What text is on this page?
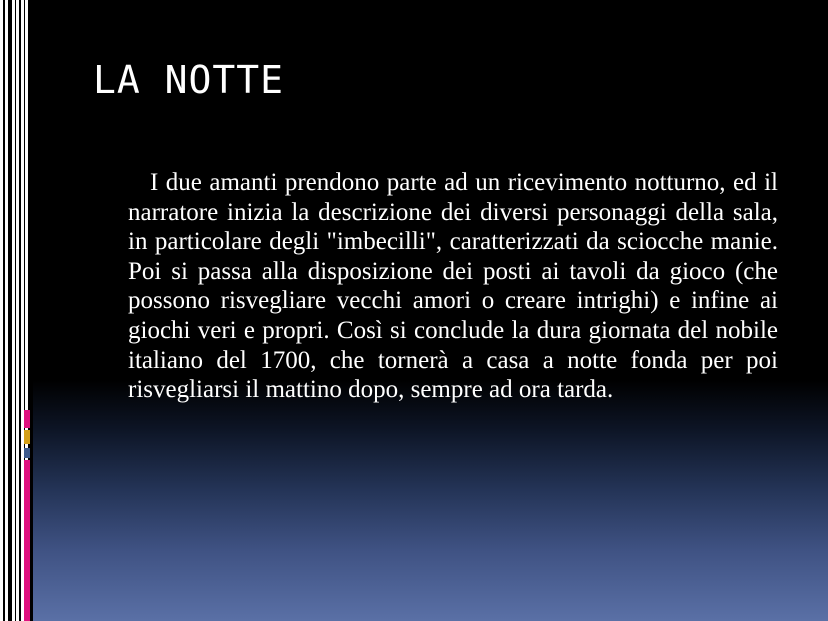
LA NOTTE

I due amanti prendono parte ad un ricevimento notturno, ed il narratore inizia la descrizione dei diversi personaggi della sala, in particolare degli "imbecilli", caratterizzati da sciocche manie. Poi si passa alla disposizione dei posti ai tavoli da gioco (che possono risvegliare vecchi amori o creare intrighi) e infine ai giochi veri e propri. Così si conclude la dura giornata del nobile italiano del 1700, che tornerà a casa a notte fonda per poi risvegliarsi il mattino dopo, sempre ad ora tarda.
